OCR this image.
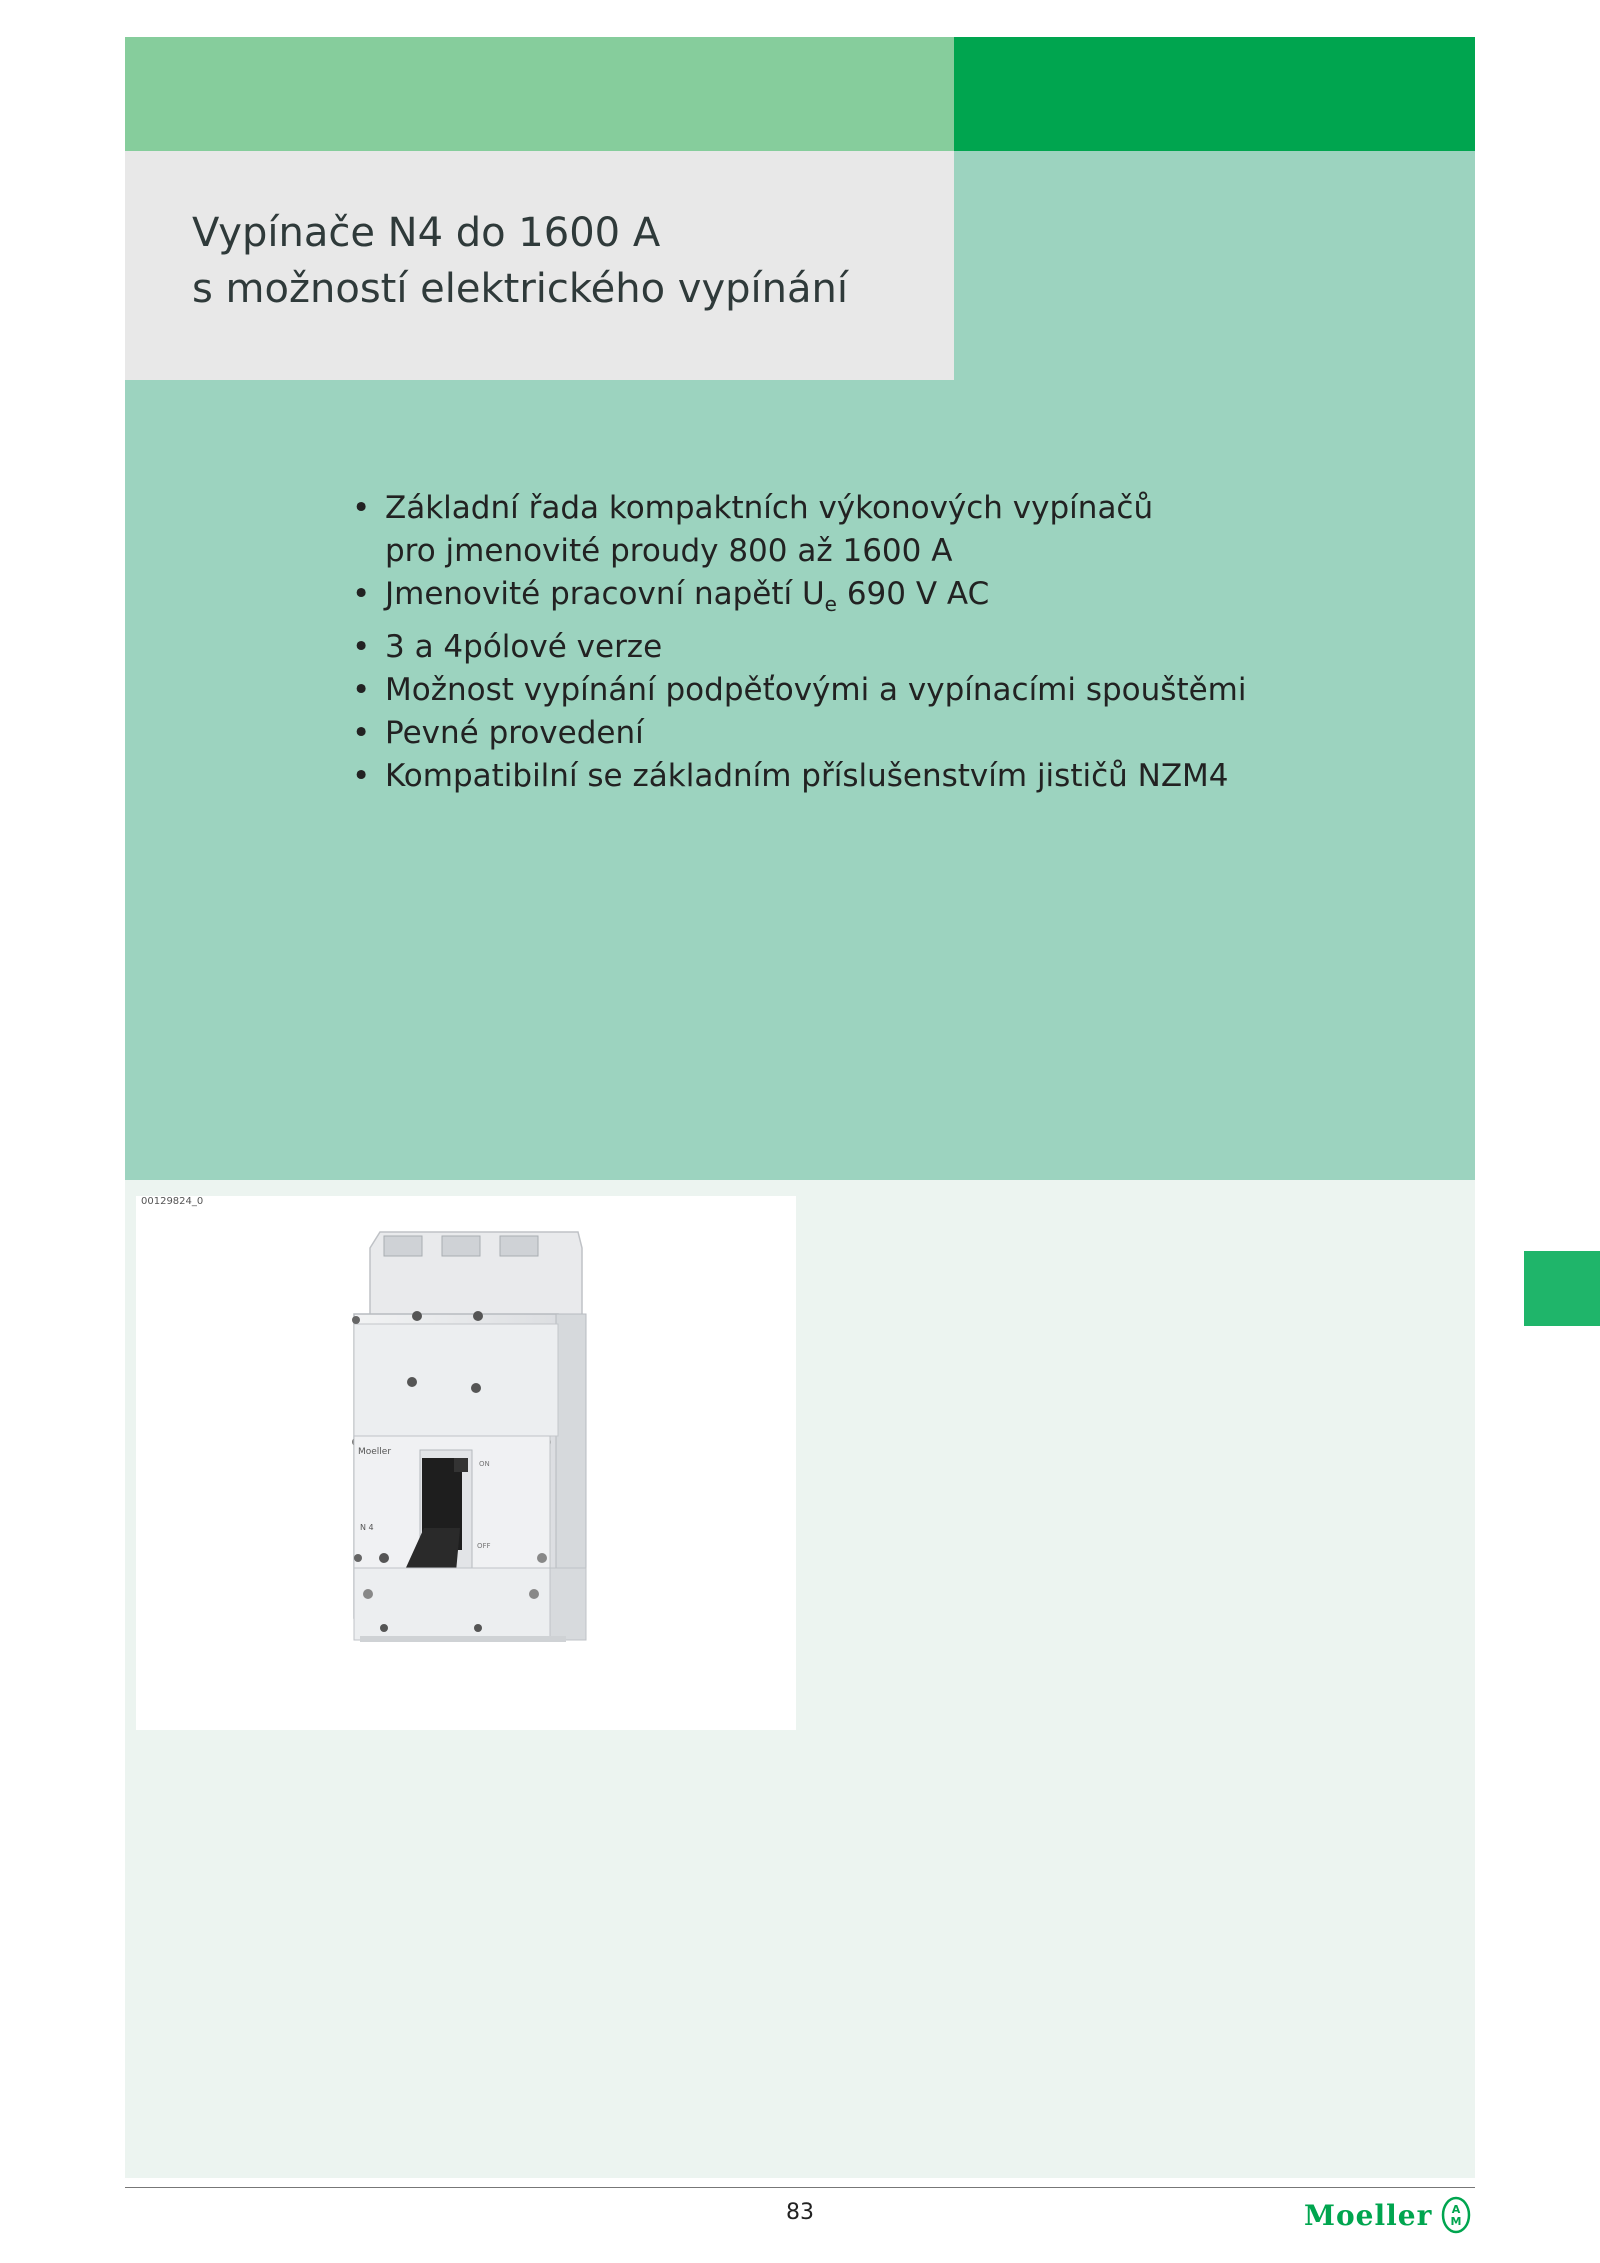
Vypínače N4 do 1600 A
s možností elektrického vypínání
• Základní řada kompaktních výkonových vypínačů
pro jmenovité proudy 800 až 1600 A
• Jmenovité pracovní napětí $U_e$ 690 V AC
• 3 a 4pólové verze
• Možnost vypínání podpěťovými a vypínacími spouštěmi
• Pevné provedení
• Kompatibilní se základním příslušenstvím jističů NZM4
Moeller
N 4
ON
OFF
00129824_0
83	Moeller A
M
